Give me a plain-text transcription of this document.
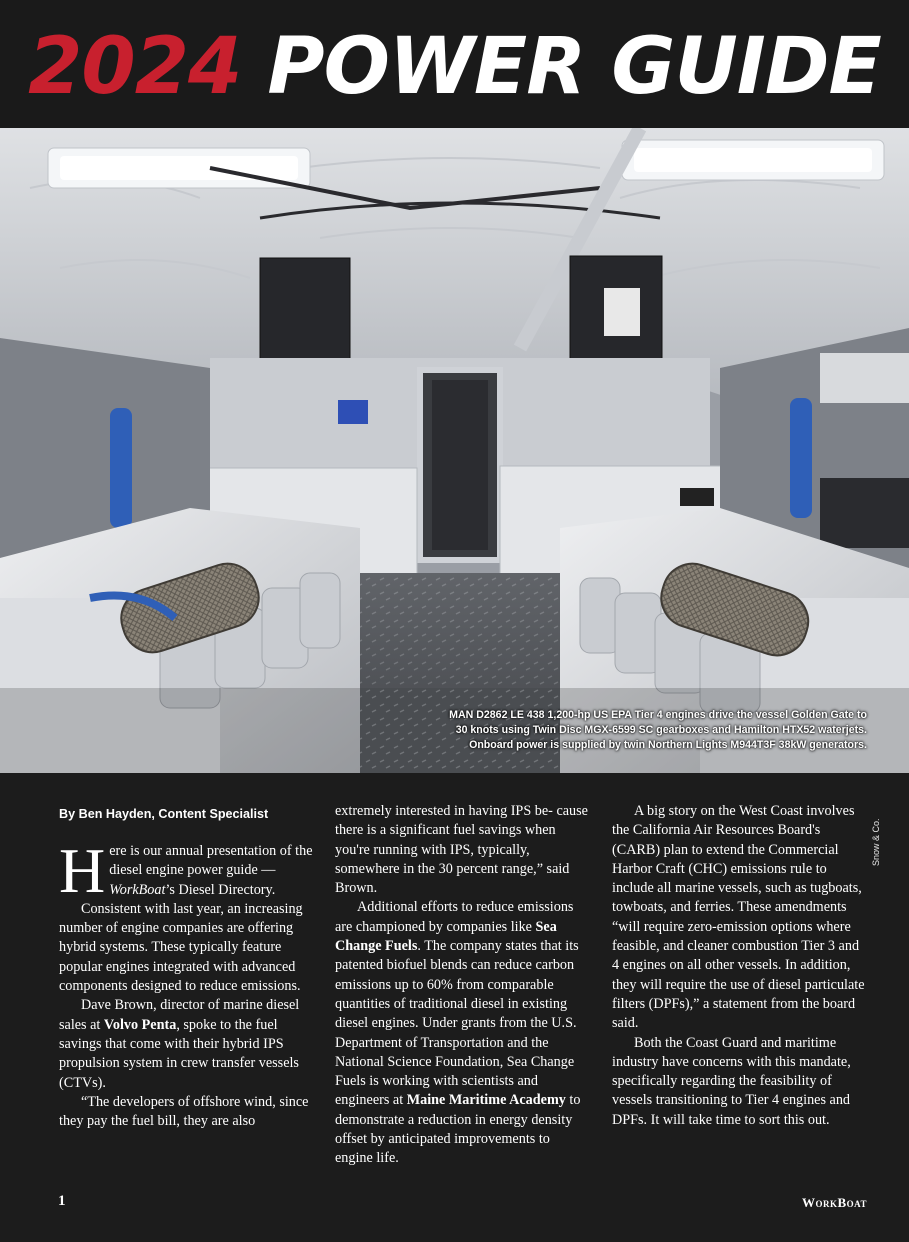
2024 POWER GUIDE
MAN D2862 LE 438 1,200-hp US EPA Tier 4 engines drive the vessel Golden Gate to
30 knots using Twin Disc MGX-6599 SC gearboxes and Hamilton HTX52 waterjets.
Onboard power is supplied by twin Northern Lights M944T3F 38kW generators.
Snow & Co.
By Ben Hayden, Content Specialist

Here is our annual presentation of the diesel engine power guide — WorkBoat’s Diesel Directory.

Consistent with last year, an increasing number of engine companies are offering hybrid systems. These typically feature popular engines integrated with advanced components designed to reduce emissions.

Dave Brown, director of marine diesel sales at Volvo Penta, spoke to the fuel savings that come with their hybrid IPS propulsion system in crew transfer vessels (CTVs).

“The developers of offshore wind, since they pay the fuel bill, they are also

extremely interested in having IPS be- cause there is a significant fuel savings when you're running with IPS, typically, somewhere in the 30 percent range,” said Brown.

Additional efforts to reduce emissions are championed by companies like Sea Change Fuels. The company states that its patented biofuel blends can reduce carbon emissions up to 60% from comparable quantities of traditional diesel in existing diesel engines. Under grants from the U.S. Department of Transportation and the National Science Foundation, Sea Change Fuels is working with scientists and engineers at Maine Maritime Academy to demonstrate a reduction in energy density offset by anticipated improvements to engine life.

A big story on the West Coast involves the California Air Resources Board's (CARB) plan to extend the Commercial Harbor Craft (CHC) emissions rule to include all marine vessels, such as tugboats, towboats, and ferries. These amendments “will require zero-emission options where feasible, and cleaner combustion Tier 3 and 4 engines on all other vessels. In addition, they will require the use of diesel particulate filters (DPFs),” a statement from the board said.

Both the Coast Guard and maritime industry have concerns with this mandate, specifically regarding the feasibility of vessels transitioning to Tier 4 engines and DPFs. It will take time to sort this out.

1	WorkBoat
